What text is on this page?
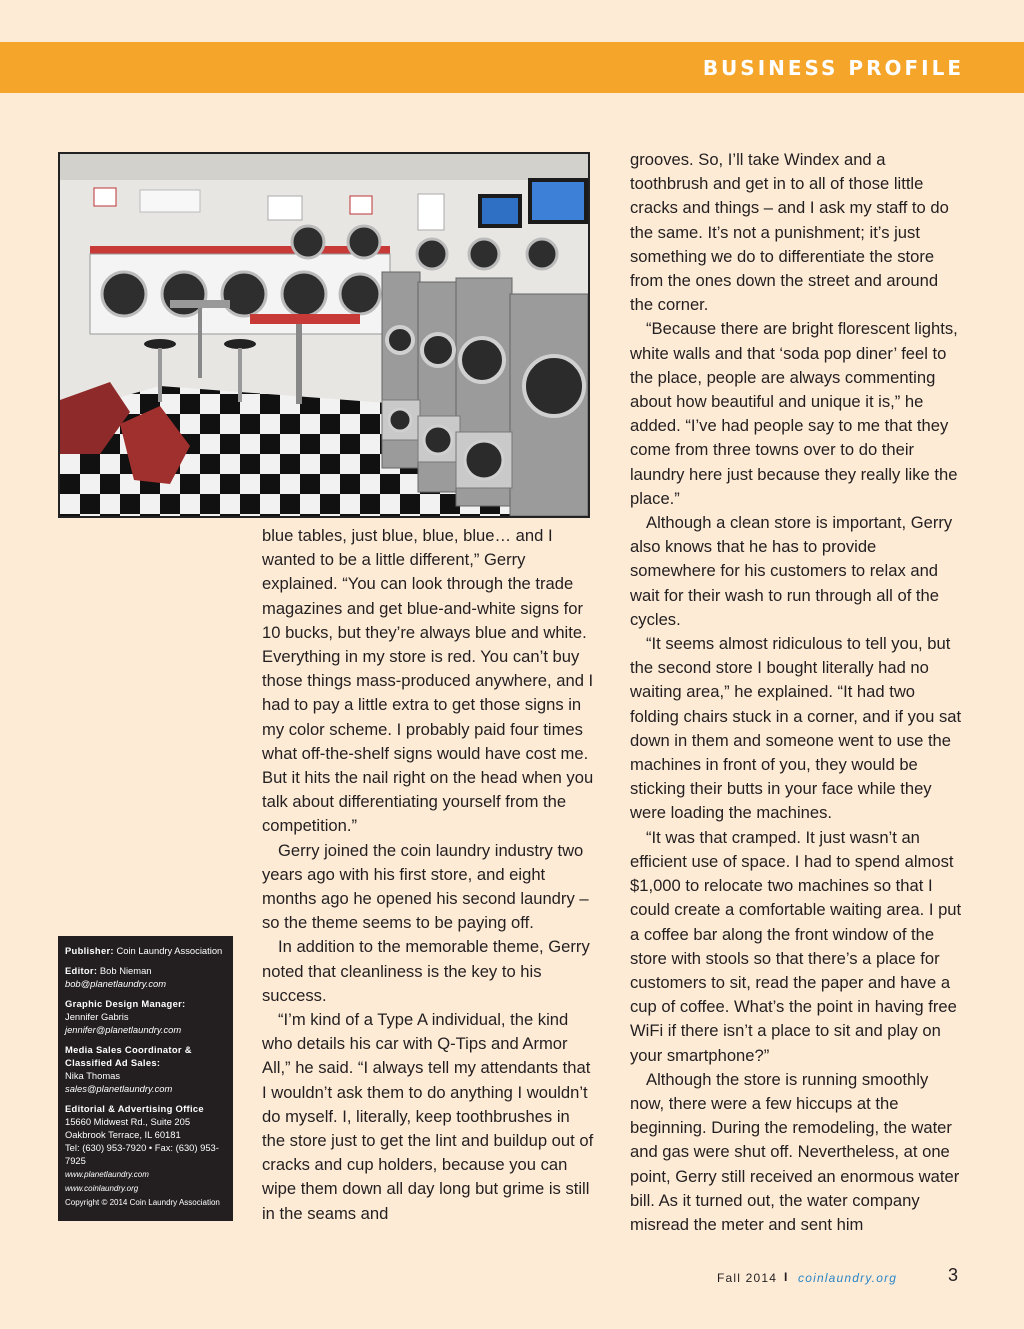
BUSINESS PROFILE

blue tables, just blue, blue, blue… and I wanted to be a little different,” Gerry explained. “You can look through the trade magazines and get blue-and-white signs for 10 bucks, but they’re always blue and white. Everything in my store is red. You can’t buy those things mass-produced anywhere, and I had to pay a little extra to get those signs in my color scheme. I probably paid four times what off-the-shelf signs would have cost me. But it hits the nail right on the head when you talk about differentiating yourself from the competition.”

Gerry joined the coin laundry industry two years ago with his first store, and eight months ago he opened his second laundry – so the theme seems to be paying off.

In addition to the memorable theme, Gerry noted that cleanliness is the key to his success.

“I’m kind of a Type A individual, the kind who details his car with Q-Tips and Armor All,” he said. “I always tell my attendants that I wouldn’t ask them to do anything I wouldn’t do myself. I, literally, keep toothbrushes in the store just to get the lint and buildup out of cracks and cup holders, because you can wipe them down all day long but grime is still in the seams and

grooves. So, I’ll take Windex and a toothbrush and get in to all of those little cracks and things – and I ask my staff to do the same. It’s not a punishment; it’s just something we do to differentiate the store from the ones down the street and around the corner.

“Because there are bright florescent lights, white walls and that ‘soda pop diner’ feel to the place, people are always commenting about how beautiful and unique it is,” he added. “I’ve had people say to me that they come from three towns over to do their laundry here just because they really like the place.”

Although a clean store is important, Gerry also knows that he has to provide somewhere for his customers to relax and wait for their wash to run through all of the cycles.

“It seems almost ridiculous to tell you, but the second store I bought literally had no waiting area,” he explained. “It had two folding chairs stuck in a corner, and if you sat down in them and someone went to use the machines in front of you, they would be sticking their butts in your face while they were loading the machines.

“It was that cramped. It just wasn’t an efficient use of space. I had to spend almost $1,000 to relocate two machines so that I could create a comfortable waiting area. I put a coffee bar along the front window of the store with stools so that there’s a place for customers to sit, read the paper and have a cup of coffee. What’s the point in having free WiFi if there isn’t a place to sit and play on your smartphone?”

Although the store is running smoothly now, there were a few hiccups at the beginning. During the remodeling, the water and gas were shut off. Nevertheless, at one point, Gerry still received an enormous water bill. As it turned out, the water company misread the meter and sent him

Publisher: Coin Laundry Association
Editor: Bob Nieman
bob@planetlaundry.com
Graphic Design Manager:
Jennifer Gabris
jennifer@planetlaundry.com
Media Sales Coordinator &
Classified Ad Sales:
Nika Thomas
sales@planetlaundry.com
Editorial & Advertising Office
15660 Midwest Rd., Suite 205
Oakbrook Terrace, IL 60181
Tel: (630) 953-7920 • Fax: (630) 953-7925
www.planetlaundry.com
www.coinlaundry.org
Copyright © 2014 Coin Laundry Association
Fall 2014 I coinlaundry.org	3
